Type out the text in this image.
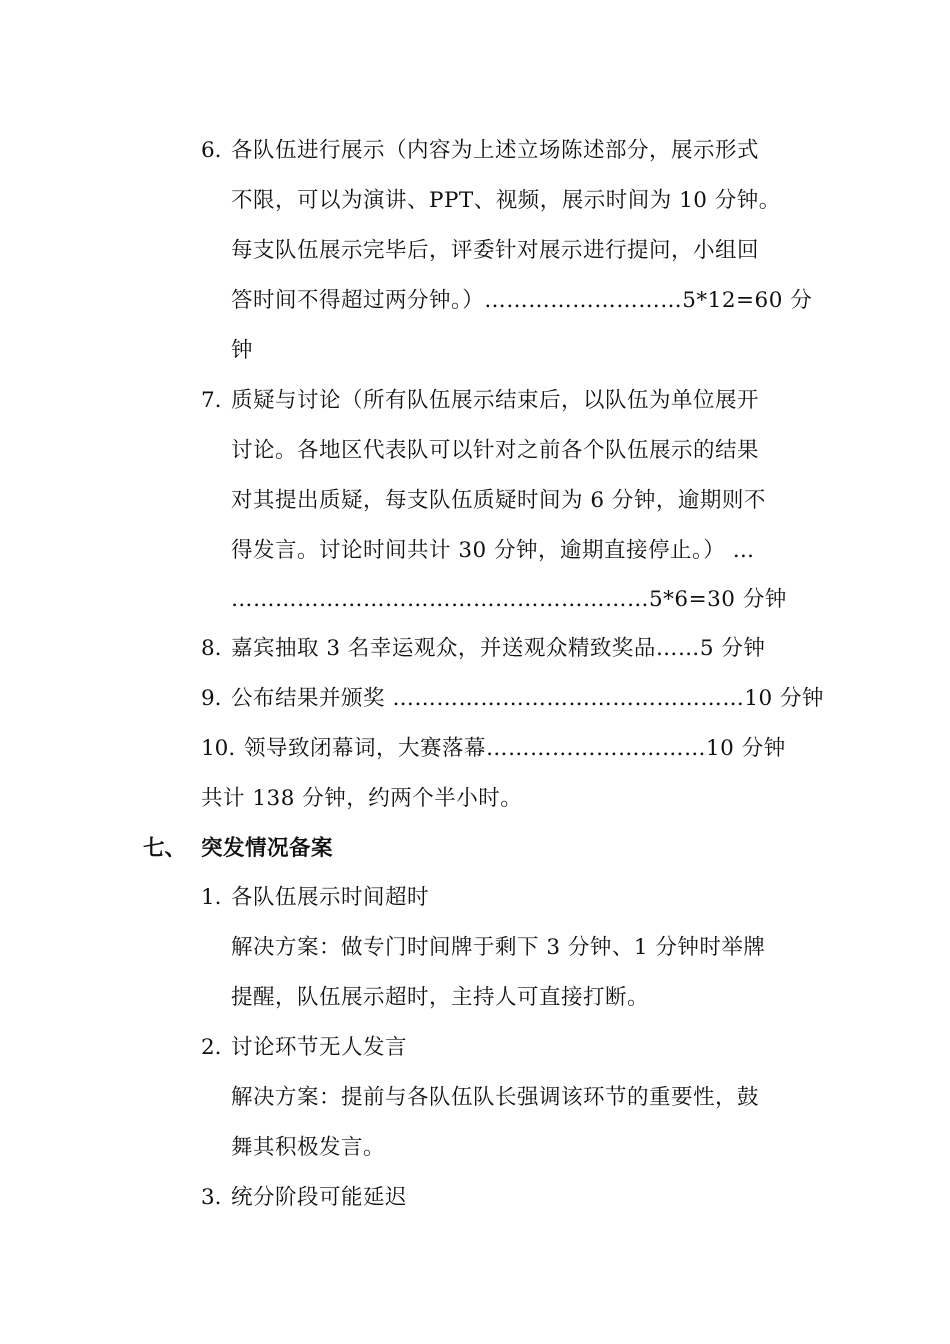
6. 各队伍进行展示（内容为上述立场陈述部分，展示形式
不限，可以为演讲、PPT、视频，展示时间为 10 分钟。
每支队伍展示完毕后，评委针对展示进行提问，小组回
答时间不得超过两分钟。）………………………5*12=60 分
钟
7. 质疑与讨论（所有队伍展示结束后，以队伍为单位展开
讨论。各地区代表队可以针对之前各个队伍展示的结果
对其提出质疑，每支队伍质疑时间为 6 分钟，逾期则不
得发言。讨论时间共计 30 分钟，逾期直接停止。） …
…………………………………………………5*6=30 分钟
8. 嘉宾抽取 3 名幸运观众，并送观众精致奖品……5 分钟
9. 公布结果并颁奖 …………………………………………10 分钟
10. 领导致闭幕词，大赛落幕…………………………10 分钟
共计 138 分钟，约两个半小时。
七、 突发情况备案
1. 各队伍展示时间超时
解决方案：做专门时间牌于剩下 3 分钟、1 分钟时举牌
提醒，队伍展示超时，主持人可直接打断。
2. 讨论环节无人发言
解决方案：提前与各队伍队长强调该环节的重要性，鼓
舞其积极发言。
3. 统分阶段可能延迟
